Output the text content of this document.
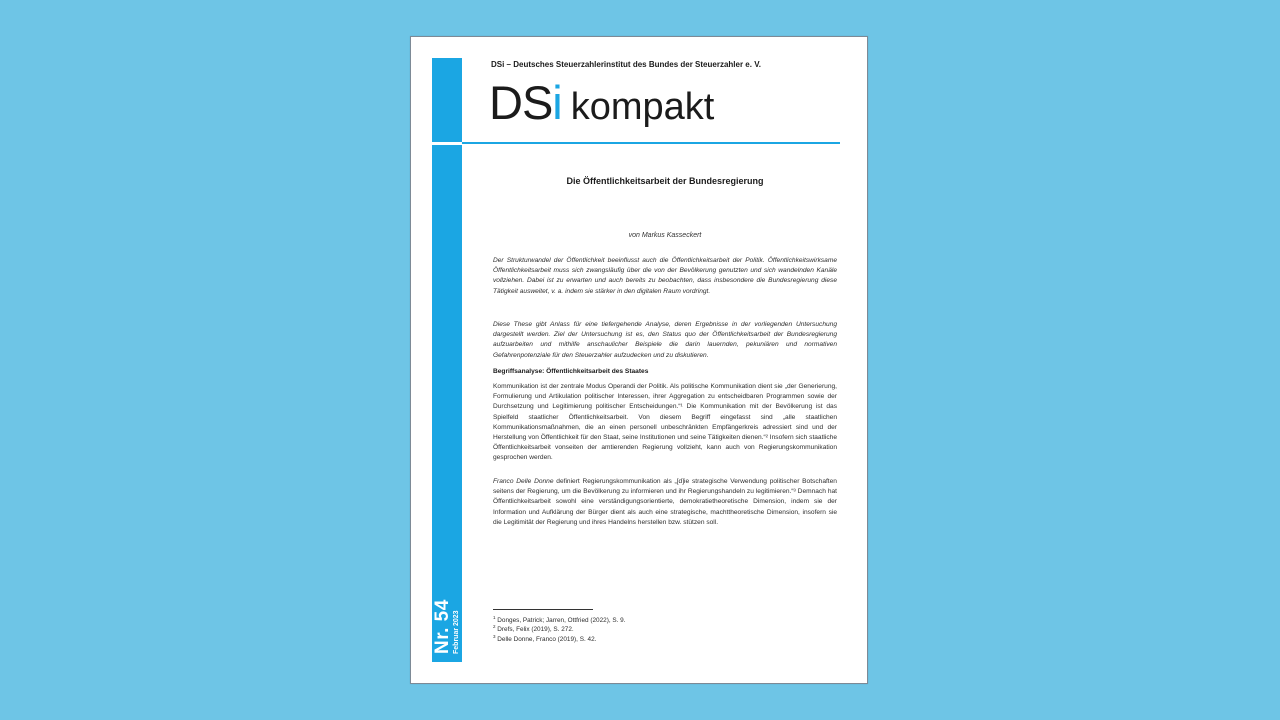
Nr. 54 Februar 2023
DSi – Deutsches Steuerzahlerinstitut des Bundes der Steuerzahler e. V.
DSi kompakt
Die Öffentlichkeitsarbeit der Bundesregierung
von Markus Kasseckert

Der Strukturwandel der Öffentlichkeit beeinflusst auch die Öffentlichkeitsarbeit der Politik. Öffentlichkeitswirksame Öffentlichkeitsarbeit muss sich zwangsläufig über die von der Bevölkerung genutzten und sich wandelnden Kanäle vollziehen. Dabei ist zu erwarten und auch bereits zu beobachten, dass insbesondere die Bundesregierung diese Tätigkeit ausweitet, v. a. indem sie stärker in den digitalen Raum vordringt.

Diese These gibt Anlass für eine tiefergehende Analyse, deren Ergebnisse in der vorliegenden Untersuchung dargestellt werden. Ziel der Untersuchung ist es, den Status quo der Öffentlichkeitsarbeit der Bundesregierung aufzuarbeiten und mithilfe anschaulicher Beispiele die darin lauernden, pekuniären und normativen Gefahrenpotenziale für den Steuerzahler aufzudecken und zu diskutieren.

Begriffsanalyse: Öffentlichkeitsarbeit des Staates

Kommunikation ist der zentrale Modus Operandi der Politik. Als politische Kommunikation dient sie „der Generierung, Formulierung und Artikulation politischer Interessen, ihrer Aggregation zu entscheidbaren Programmen sowie der Durchsetzung und Legitimierung politischer Entscheidungen.“¹ Die Kommunikation mit der Bevölkerung ist das Spielfeld staatlicher Öffentlichkeitsarbeit. Von diesem Begriff eingefasst sind „alle staatlichen Kommunikationsmaßnahmen, die an einen personell unbeschränkten Empfängerkreis adressiert sind und der Herstellung von Öffentlichkeit für den Staat, seine Institutionen und seine Tätigkeiten dienen.“² Insofern sich staatliche Öffentlichkeitsarbeit vonseiten der amtierenden Regierung vollzieht, kann auch von Regierungskommunikation gesprochen werden.

Franco Delle Donne definiert Regierungskommunikation als „[d]ie strategische Verwendung politischer Botschaften seitens der Regierung, um die Bevölkerung zu informieren und ihr Regierungshandeln zu legitimieren.“³ Demnach hat Öffentlichkeitsarbeit sowohl eine verständigungsorientierte, demokratietheoretische Dimension, indem sie der Information und Aufklärung der Bürger dient als auch eine strategische, machttheoretische Dimension, insofern sie die Legitimität der Regierung und ihres Handelns herstellen bzw. stützen soll.

$^1$ Donges, Patrick; Jarren, Ottfried (2022), S. 9.
$^2$ Drefs, Felix (2019), S. 272.
$^3$ Delle Donne, Franco (2019), S. 42.
